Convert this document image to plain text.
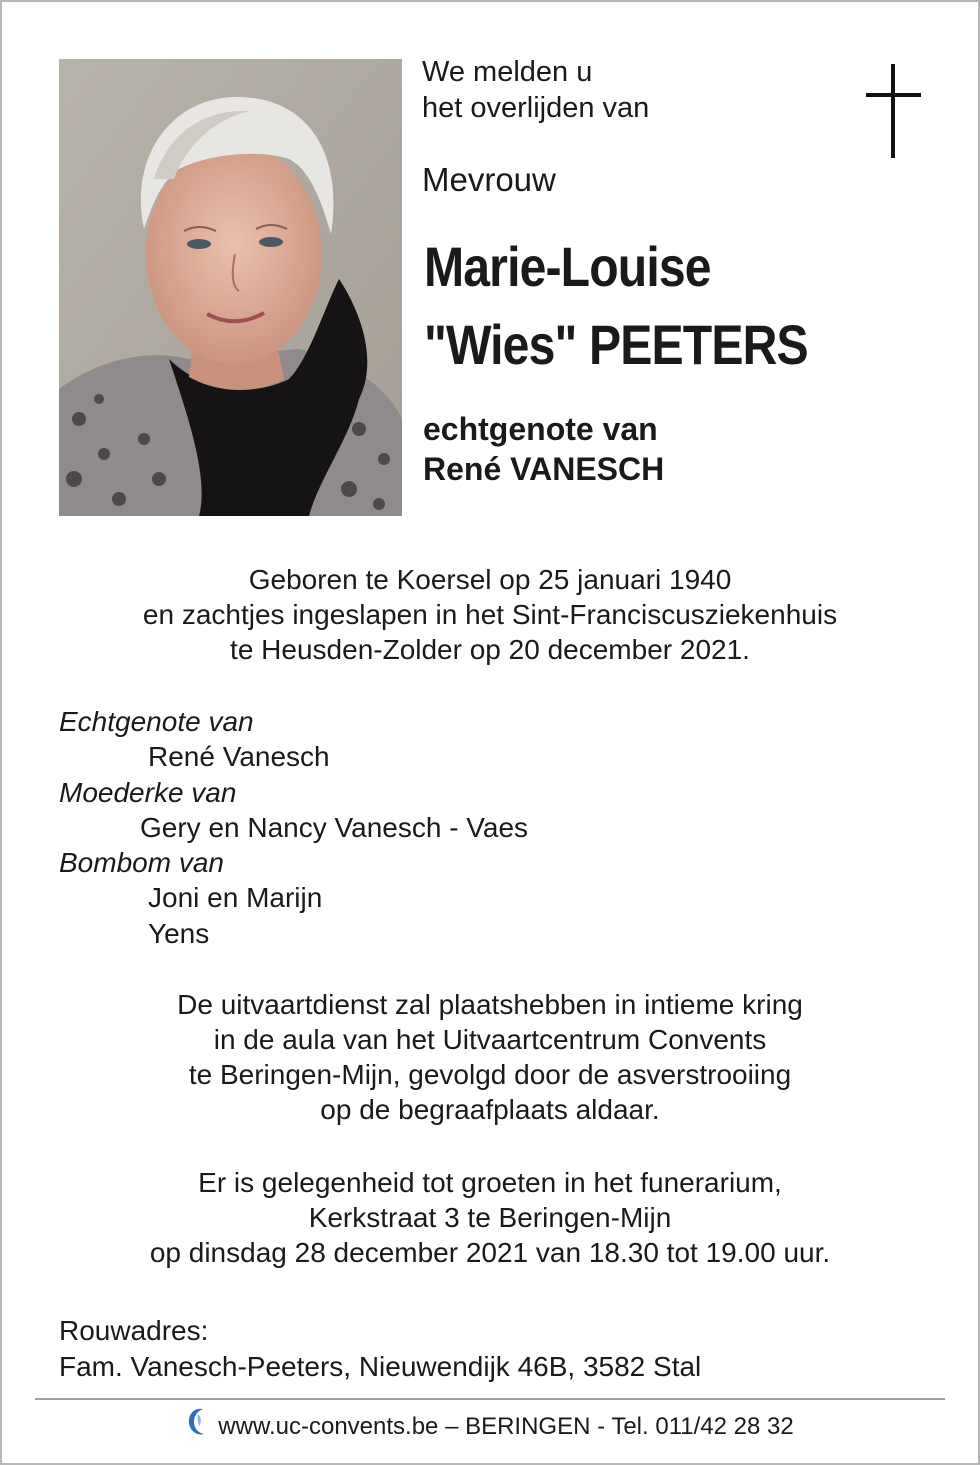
We melden u
het overlijden van
Mevrouw
Marie-Louise
"Wies" PEETERS
echtgenote van
René VANESCH
Geboren te Koersel op 25 januari 1940
en zachtjes ingeslapen in het Sint-Franciscusziekenhuis
te Heusden-Zolder op 20 december 2021.
Echtgenote van
René Vanesch
Moederke van
Gery en Nancy Vanesch - Vaes
Bombom van
Joni en Marijn
Yens
De uitvaartdienst zal plaatshebben in intieme kring
in de aula van het Uitvaartcentrum Convents
te Beringen-Mijn, gevolgd door de asverstrooiing
op de begraafplaats aldaar.
Er is gelegenheid tot groeten in het funerarium,
Kerkstraat 3 te Beringen-Mijn
op dinsdag 28 december 2021 van 18.30 tot 19.00 uur.
Rouwadres:
Fam. Vanesch-Peeters, Nieuwendijk 46B, 3582 Stal
www.uc-convents.be – BERINGEN - Tel. 011/42 28 32
